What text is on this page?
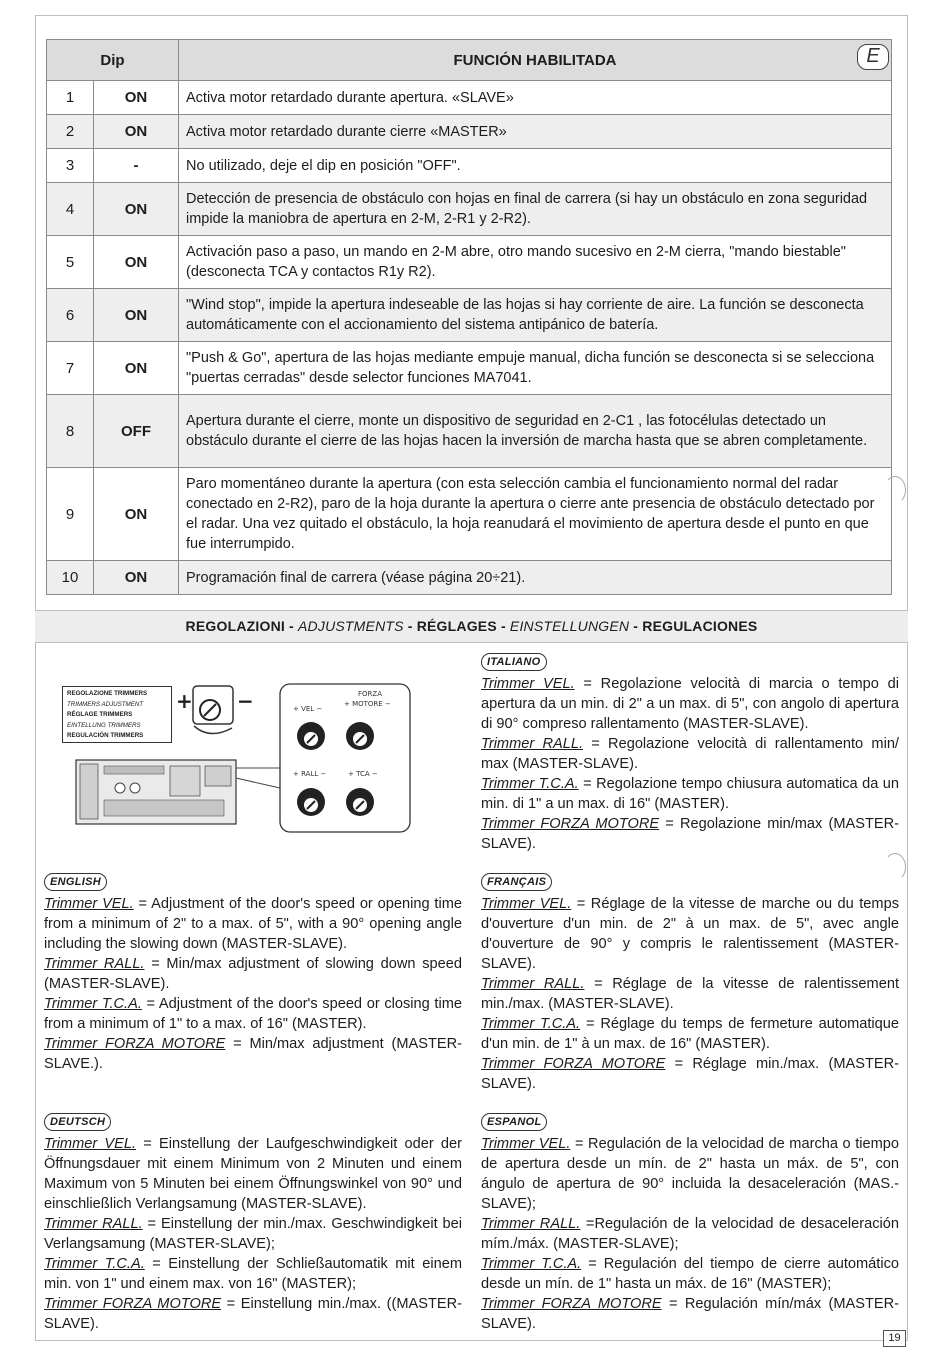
Dip		FUNCIÓN HABILITADA
1	ON	Activa motor retardado durante apertura. «SLAVE»
2	ON	Activa motor retardado durante cierre «MASTER»
3	-	No utilizado, deje el dip en posición "OFF".
4	ON	Detección de presencia de obstáculo con hojas en final de carrera (si hay un obstáculo en zona seguridad impide la maniobra de apertura en 2-M, 2-R1 y 2-R2).
5	ON	Activación paso a paso, un mando en 2-M abre, otro mando sucesivo en 2-M cierra, "mando biestable" (desconecta TCA y contactos R1y R2).
6	ON	"Wind stop", impide la apertura indeseable de las hojas si hay corriente de aire. La función se desconecta automáticamente con el accionamiento del sistema antipánico de batería.
7	ON	"Push & Go", apertura de las hojas mediante empuje manual, dicha función se desconecta si se selecciona "puertas cerradas" desde selector funciones MA7041.
8	OFF	Apertura durante el cierre, monte un dispositivo de seguridad en 2-C1 , las fotocélulas detectado un obstáculo durante el cierre de las hojas hacen la inversión de marcha hasta que se abren completamente.
9	ON	Paro momentáneo durante la apertura (con esta selección cambia el funcionamiento normal del radar conectado en 2-R2), paro de la hoja durante la apertura o cierre ante presencia de obstáculo detectado por el radar. Una vez quitado el obstáculo, la hoja reanudará el movimiento de apertura desde el punto en que fue interrumpido.
10	ON	Programación final de carrera (véase página 20÷21).
E
REGOLAZIONI - ADJUSTMENTS - RÉGLAGES - EINSTELLUNGEN - REGULACIONES
REGOLAZIONE TRIMMERS
TRIMMERS ADJUSTMENT
RÉGLAGE TRIMMERS
EINTELLUNG TRIMMERS
REGULACIÓN TRIMMERS
+ −	+ VEL −
FORZA
+ MOTORE −
+ RALL −	+ TCA −
ITALIANO

Trimmer VEL. = Regolazione velocità di marcia o tempo di apertura da un min. di 2" a un max. di 5", con angolo di apertura di 90° compreso rallentamento (MASTER-SLAVE).

Trimmer RALL. = Regolazione velocità di rallentamento min/ max (MASTER-SLAVE).

Trimmer T.C.A. = Regolazione tempo chiusura automatica da un min. di 1" a un max. di 16" (MASTER).

Trimmer FORZA MOTORE = Regolazione min/max (MASTER-SLAVE).

ENGLISH

Trimmer VEL. = Adjustment of the door's speed or opening time from a minimum of 2" to a max. of 5", with a 90° opening angle including the slowing down (MASTER-SLAVE).

Trimmer RALL. = Min/max adjustment of slowing down speed (MASTER-SLAVE).

Trimmer T.C.A. = Adjustment of the door's speed or closing time from a minimum of 1" to a max. of 16" (MASTER).

Trimmer FORZA MOTORE = Min/max adjustment (MASTER-SLAVE.).

FRANÇAIS

Trimmer VEL. = Réglage de la vitesse de marche ou du temps d'ouverture d'un min. de 2" à un max. de 5", avec angle d'ouverture de 90° y compris le ralentissement (MASTER-SLAVE).

Trimmer RALL. = Réglage de la vitesse de ralentissement min./max. (MASTER-SLAVE).

Trimmer T.C.A. = Réglage du temps de fermeture automatique d'un min. de 1" à un max. de 16" (MASTER).

Trimmer FORZA MOTORE = Réglage min./max. (MASTER-SLAVE).

DEUTSCH

Trimmer VEL. = Einstellung der Laufgeschwindigkeit oder der Öffnungsdauer mit einem Minimum von 2 Minuten und einem Maximum von 5 Minuten bei einem Öffnungswinkel von 90° und einschließlich Verlangsamung (MASTER-SLAVE).

Trimmer RALL. = Einstellung der min./max. Geschwindigkeit bei Verlangsamung (MASTER-SLAVE);

Trimmer T.C.A. = Einstellung der Schließautomatik mit einem min. von 1" und einem max. von 16" (MASTER);

Trimmer FORZA MOTORE = Einstellung min./max. ((MASTER-SLAVE).

ESPANOL

Trimmer VEL. = Regulación de la velocidad de marcha o tiempo de apertura desde un mín. de 2" hasta un máx. de 5", con ángulo de apertura de 90° incluida la desaceleración (MAS.-SLAVE);

Trimmer RALL. =Regulación de la velocidad de desaceleración mím./máx. (MASTER-SLAVE);

Trimmer T.C.A. = Regulación del tiempo de cierre automático desde un mín. de 1" hasta un máx. de 16" (MASTER);

Trimmer FORZA MOTORE = Regulación mín/máx (MASTER-SLAVE).

19
